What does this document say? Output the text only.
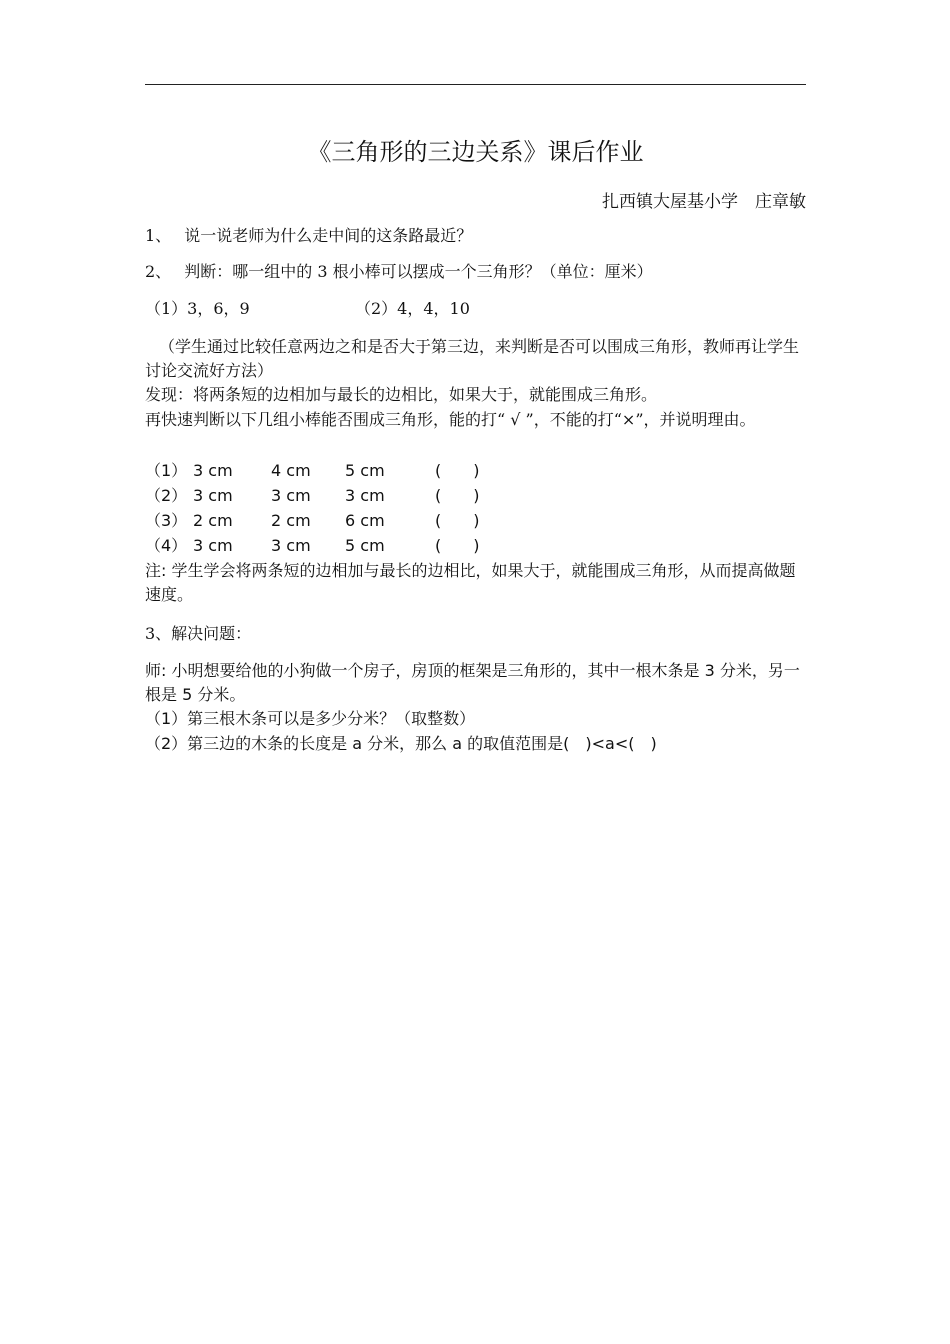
《三角形的三边关系》课后作业
扎西镇大屋基小学　庄章敏
1、　 说一说老师为什么走中间的这条路最近？
2、　 判断：哪一组中的 3 根小棒可以摆成一个三角形？（单位：厘米）
（1）3，6，9	（2）4，4，10
（学生通过比较任意两边之和是否大于第三边，来判断是否可以围成三角形，教师再让学生讨论交流好方法）
发现：将两条短的边相加与最长的边相比，如果大于，就能围成三角形。
再快速判断以下几组小棒能否围成三角形，能的打“ √ ”，不能的打“×”，并说明理由。
（1） 3 cm 4 cm 5 cm	(　　)
（2） 3 cm 3 cm 3 cm	(　　)
（3） 2 cm 2 cm 6 cm	(　　)
（4） 3 cm 3 cm 5 cm	(　　)
注: 学生学会将两条短的边相加与最长的边相比，如果大于，就能围成三角形，从而提高做题速度。
3、解决问题：
师: 小明想要给他的小狗做一个房子，房顶的框架是三角形的，其中一根木条是 3 分米，另一根是 5 分米。
（1）第三根木条可以是多少分米？（取整数）
（2）第三边的木条的长度是 a 分米，那么 a 的取值范围是(　)<a<(　)
